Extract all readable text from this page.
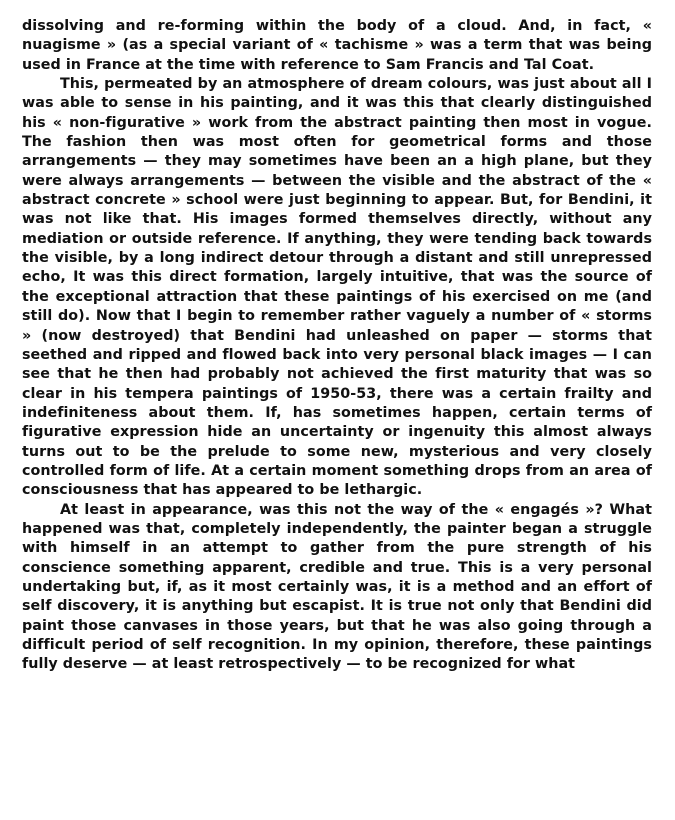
dissolving and re-forming within the body of a cloud. And, in fact, « nuagisme » (as a special variant of « tachisme » was a term that was being used in France at the time with reference to Sam Francis and Tal Coat.

This, permeated by an atmosphere of dream colours, was just about all I was able to sense in his painting, and it was this that clearly distinguished his « non-figurative » work from the abstract painting then most in vogue. The fashion then was most often for geometrical forms and those arrangements — they may sometimes have been an a high plane, but they were always arrangements — between the visible and the abstract of the « abstract concrete » school were just beginning to appear. But, for Bendini, it was not like that. His images formed themselves directly, without any mediation or outside reference. If anything, they were tending back towards the visible, by a long indirect detour through a distant and still unrepressed echo, It was this direct formation, largely intuitive, that was the source of the exceptional attraction that these paintings of his exercised on me (and still do). Now that I begin to remember rather vaguely a number of « storms » (now destroyed) that Bendini had unleashed on paper — storms that seethed and ripped and flowed back into very personal black images — I can see that he then had probably not achieved the first maturity that was so clear in his tempera paintings of 1950-53, there was a certain frailty and indefiniteness about them. If, has sometimes happen, certain terms of figurative expression hide an uncertainty or ingenuity this almost always turns out to be the prelude to some new, mysterious and very closely controlled form of life. At a certain moment something drops from an area of consciousness that has appeared to be lethargic.

At least in appearance, was this not the way of the « engagés »? What happened was that, completely independently, the painter began a struggle with himself in an attempt to gather from the pure strength of his conscience something apparent, credible and true. This is a very personal undertaking but, if, as it most certainly was, it is a method and an effort of self discovery, it is anything but escapist. It is true not only that Bendini did paint those canvases in those years, but that he was also going through a difficult period of self recognition. In my opinion, therefore, these paintings fully deserve — at least retrospectively — to be recognized for what
